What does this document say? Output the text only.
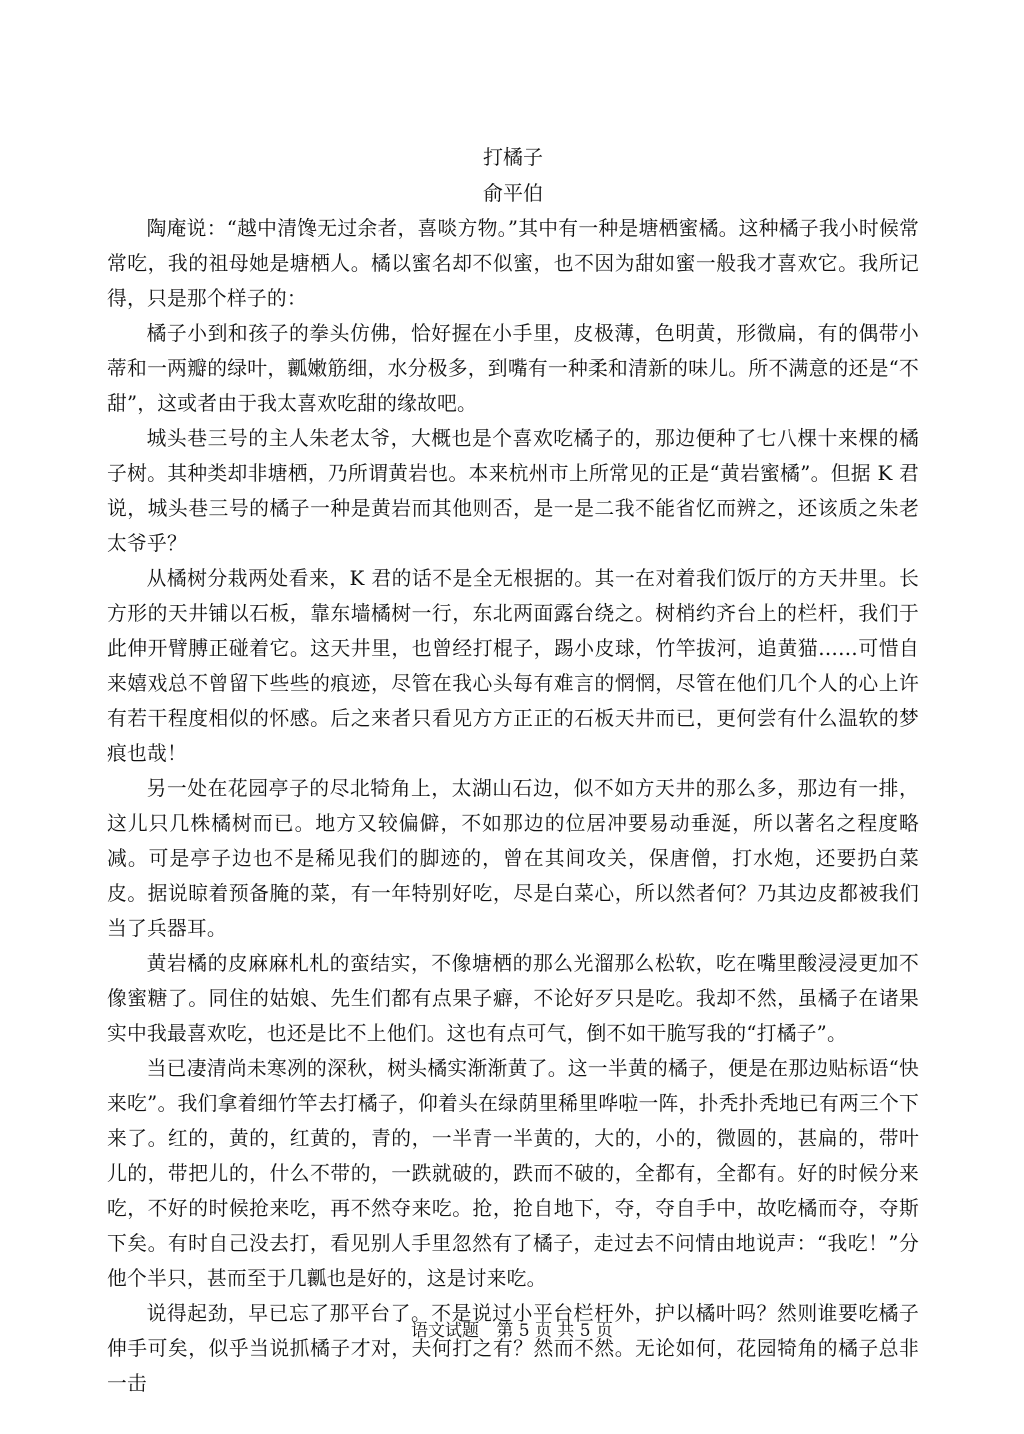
打橘子
俞平伯

陶庵说：“越中清馋无过余者，喜啖方物。”其中有一种是塘栖蜜橘。这种橘子我小时候常常吃，我的祖母她是塘栖人。橘以蜜名却不似蜜，也不因为甜如蜜一般我才喜欢它。我所记得，只是那个样子的：

橘子小到和孩子的拳头仿佛，恰好握在小手里，皮极薄，色明黄，形微扁，有的偶带小蒂和一两瓣的绿叶，瓤嫩筋细，水分极多，到嘴有一种柔和清新的味儿。所不满意的还是“不甜”，这或者由于我太喜欢吃甜的缘故吧。

城头巷三号的主人朱老太爷，大概也是个喜欢吃橘子的，那边便种了七八棵十来棵的橘子树。其种类却非塘栖，乃所谓黄岩也。本来杭州市上所常见的正是“黄岩蜜橘”。但据 K 君说，城头巷三号的橘子一种是黄岩而其他则否，是一是二我不能省忆而辨之，还该质之朱老太爷乎？

从橘树分栽两处看来，K 君的话不是全无根据的。其一在对着我们饭厅的方天井里。长方形的天井铺以石板，靠东墙橘树一行，东北两面露台绕之。树梢约齐台上的栏杆，我们于此伸开臂膊正碰着它。这天井里，也曾经打棍子，踢小皮球，竹竿拔河，追黄猫……可惜自来嬉戏总不曾留下些些的痕迹，尽管在我心头每有难言的惘惘，尽管在他们几个人的心上许有若干程度相似的怀感。后之来者只看见方方正正的石板天井而已，更何尝有什么温软的梦痕也哉！

另一处在花园亭子的尽北犄角上，太湖山石边，似不如方天井的那么多，那边有一排，这儿只几株橘树而已。地方又较偏僻，不如那边的位居冲要易动垂涎，所以著名之程度略减。可是亭子边也不是稀见我们的脚迹的，曾在其间攻关，保唐僧，打水炮，还要扔白菜皮。据说晾着预备腌的菜，有一年特别好吃，尽是白菜心，所以然者何？乃其边皮都被我们当了兵器耳。

黄岩橘的皮麻麻札札的蛮结实，不像塘栖的那么光溜那么松软，吃在嘴里酸浸浸更加不像蜜糖了。同住的姑娘、先生们都有点果子癖，不论好歹只是吃。我却不然，虽橘子在诸果实中我最喜欢吃，也还是比不上他们。这也有点可气，倒不如干脆写我的“打橘子”。

当已凄清尚未寒冽的深秋，树头橘实渐渐黄了。这一半黄的橘子，便是在那边贴标语“快来吃”。我们拿着细竹竿去打橘子，仰着头在绿荫里稀里哗啦一阵，扑秃扑秃地已有两三个下来了。红的，黄的，红黄的，青的，一半青一半黄的，大的，小的，微圆的，甚扁的，带叶儿的，带把儿的，什么不带的，一跌就破的，跌而不破的，全都有，全都有。好的时候分来吃，不好的时候抢来吃，再不然夺来吃。抢，抢自地下，夺，夺自手中，故吃橘而夺，夺斯下矣。有时自己没去打，看见别人手里忽然有了橘子，走过去不问情由地说声：“我吃！”分他个半只，甚而至于几瓤也是好的，这是讨来吃。

说得起劲，早已忘了那平台了。不是说过小平台栏杆外，护以橘叶吗？然则谁要吃橘子伸手可矣，似乎当说抓橘子才对，夫何打之有？然而不然。无论如何，花园犄角的橘子总非一击

语文试题 第 5 页 共 5 页
